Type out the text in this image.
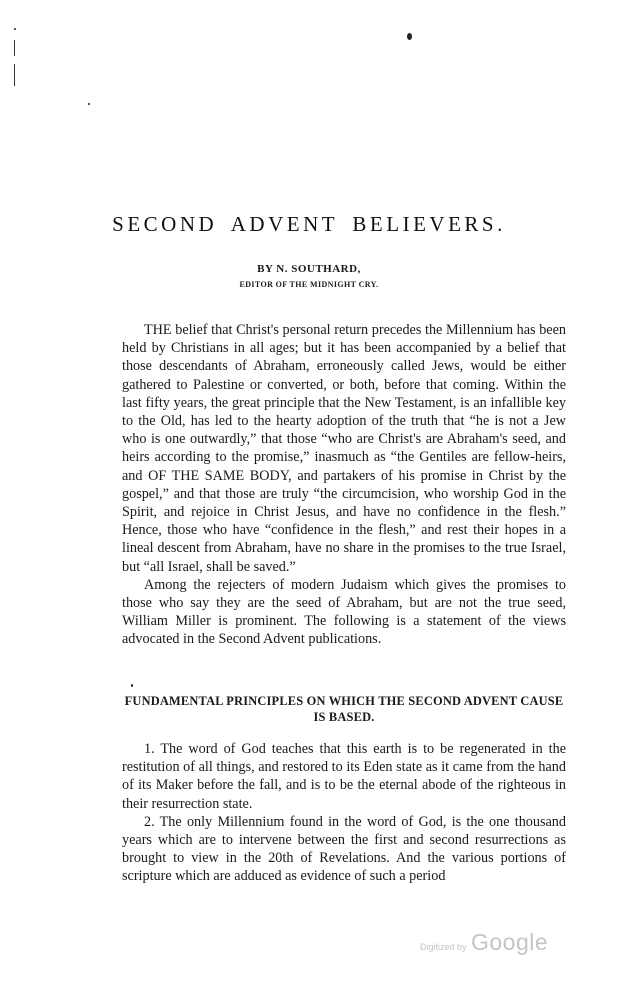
SECOND ADVENT BELIEVERS.
BY N. SOUTHARD,
EDITOR OF THE MIDNIGHT CRY.

THE belief that Christ's personal return precedes the Millennium has been held by Christians in all ages; but it has been accompanied by a belief that those descendants of Abraham, erroneously called Jews, would be either gathered to Palestine or converted, or both, before that coming. Within the last fifty years, the great principle that the New Testament, is an infallible key to the Old, has led to the hearty adoption of the truth that “he is not a Jew who is one outwardly,” that those “who are Christ's are Abraham's seed, and heirs according to the promise,” inasmuch as “the Gentiles are fellow-heirs, and OF THE SAME BODY, and partakers of his promise in Christ by the gospel,” and that those are truly “the circumcision, who worship God in the Spirit, and rejoice in Christ Jesus, and have no confidence in the flesh.” Hence, those who have “confidence in the flesh,” and rest their hopes in a lineal descent from Abraham, have no share in the promises to the true Israel, but “all Israel, shall be saved.”

Among the rejecters of modern Judaism which gives the promises to those who say they are the seed of Abraham, but are not the true seed, William Miller is prominent. The following is a statement of the views advocated in the Second Advent publications.

FUNDAMENTAL PRINCIPLES ON WHICH THE SECOND ADVENT CAUSE IS BASED.

1. The word of God teaches that this earth is to be regenerated in the restitution of all things, and restored to its Eden state as it came from the hand of its Maker before the fall, and is to be the eternal abode of the righteous in their resurrection state.

2. The only Millennium found in the word of God, is the one thousand years which are to intervene between the first and second resurrections as brought to view in the 20th of Revelations. And the various portions of scripture which are adduced as evidence of such a period

Digitized by Google
